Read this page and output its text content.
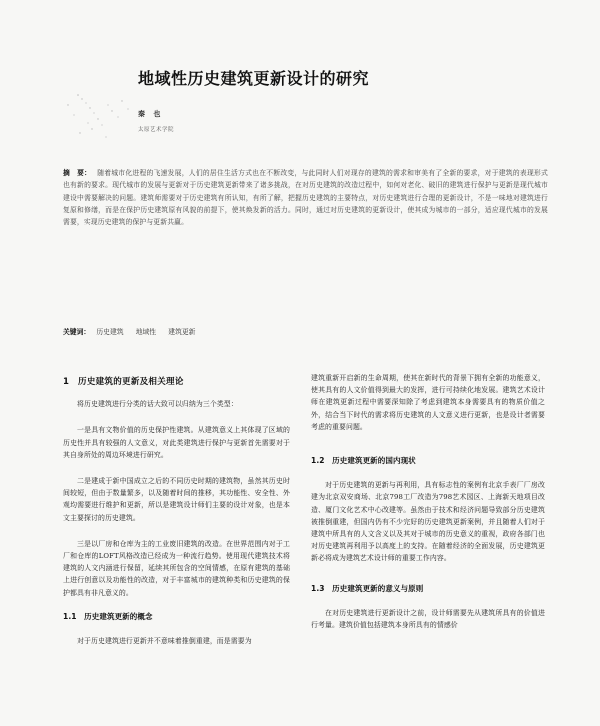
地域性历史建筑更新设计的研究
秦 也
太原艺术学院
摘　要： 随着城市化进程的飞速发展，人们的居住生活方式也在不断改变，与此同时人们对现存的建筑的需求和审美有了全新的要求，对于建筑的表现形式也有新的要求。现代城市的发展与更新对于历史建筑更新带来了诸多挑战，在对历史建筑的改造过程中，如何对老化、破旧的建筑进行保护与更新是现代城市建设中需要解决的问题。建筑师需要对于历史建筑有所认知，有所了解，把握历史建筑的主要特点，对历史建筑进行合理的更新设计，不是一味地对建筑进行复原和修缮，而是在保护历史建筑原有风貌的前提下，使其焕发新的活力。同时，通过对历史建筑的更新设计，使其成为城市的一部分，适应现代城市的发展需要，实现历史建筑的保护与更新共赢。
关键词： 历史建筑 地域性 建筑更新

1　历史建筑的更新及相关理论

将历史建筑进行分类的话大致可以归纳为三个类型：

一是具有文物价值的历史保护性建筑。从建筑意义上其体现了区域的历史性并具有较强的人文意义，对此类建筑进行保护与更新首先需要对于其自身所处的周边环境进行研究。

二是建成于新中国成立之后的不同历史时期的建筑物，虽然其历史时间较短，但由于数量繁多，以及随着时间的推移，其功能性、安全性、外观均需要进行维护和更新，所以是建筑设计师们主要的设计对象，也是本文主要探讨的历史建筑。

三是以厂房和仓库为主的工业废旧建筑的改造。在世界范围内对于工厂和仓库的LOFT风格改造已经成为一种流行趋势。使用现代建筑技术将建筑的人文内涵进行保留，延续其所包含的空间情感，在原有建筑的基础上进行创意以及功能性的改造，对于丰富城市的建筑种类和历史建筑的保护都具有非凡意义的。

1.1　历史建筑更新的概念

对于历史建筑进行更新并不意味着推倒重建，而是需要为

建筑重新开启新的生命周期，使其在新时代的背景下拥有全新的功能意义，使其具有的人文价值得到最大的发挥，进行可持续化地发展。建筑艺术设计师在建筑更新过程中需要深知除了考虑到建筑本身需要具有的物质价值之外，结合当下时代的需求将历史建筑的人文意义进行更新，也是设计者需要考虑的重要问题。

1.2　历史建筑更新的国内现状

对于历史建筑的更新与再利用，具有标志性的案例有北京手表厂厂房改建为北京双安商场、北京798工厂改造为798艺术园区、上海新天地项目改造、厦门文化艺术中心改建等。虽然由于技术和经济问题导致部分历史建筑被推倒重建，但国内仍有不少完好的历史建筑更新案例，并且随着人们对于建筑中所具有的人文含义以及其对于城市的历史意义的重视，政府各部门也对历史建筑再利用予以高度上的支持。在随着经济的全面发展，历史建筑更新必将成为建筑艺术设计师的重要工作内容。

1.3　历史建筑更新的意义与原则

在对历史建筑进行更新设计之前，设计师需要先从建筑所具有的价值进行考量。建筑价值包括建筑本身所具有的情感价
